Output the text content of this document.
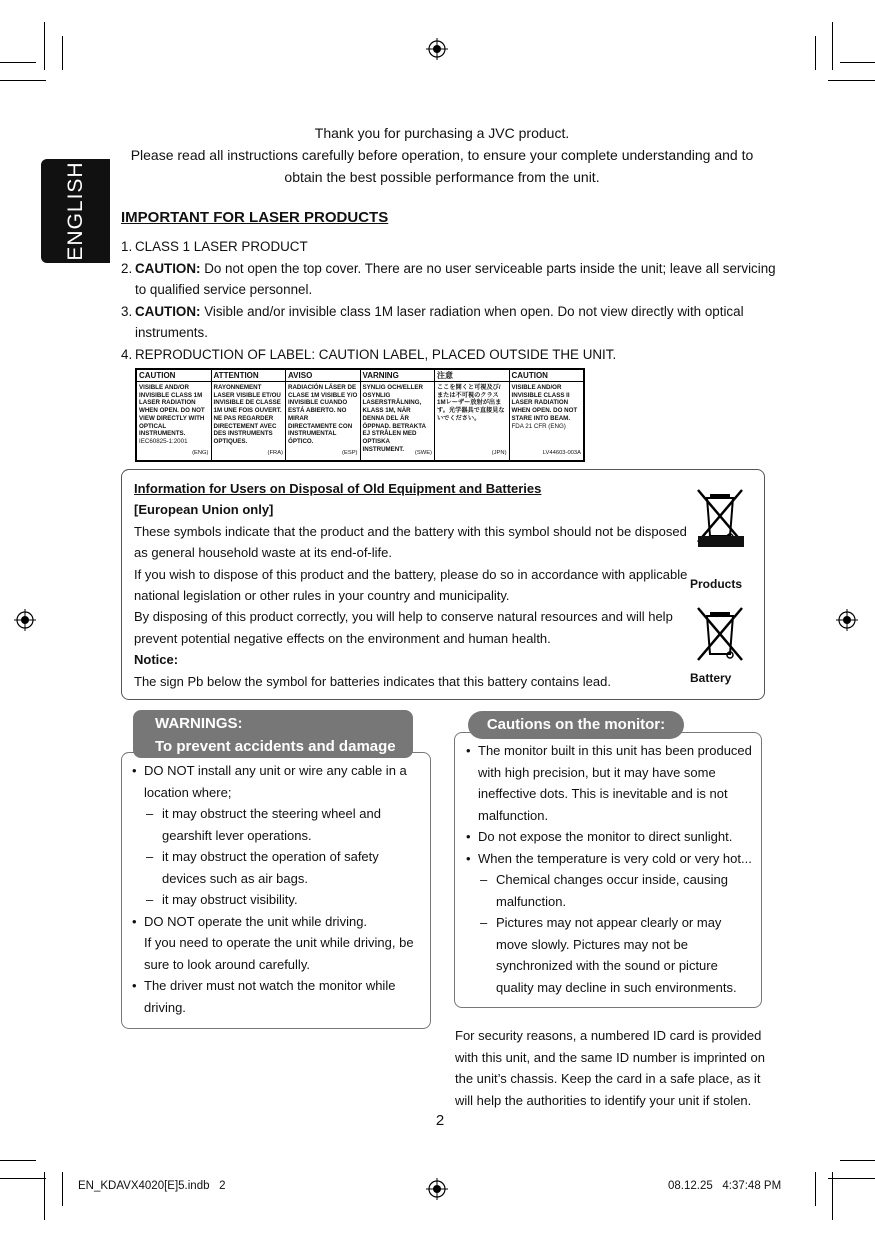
ENGLISH
Thank you for purchasing a JVC product.
Please read all instructions carefully before operation, to ensure your complete understanding and to obtain the best possible performance from the unit.
IMPORTANT FOR LASER PRODUCTS
1. CLASS 1 LASER PRODUCT
2. CAUTION: Do not open the top cover. There are no user serviceable parts inside the unit; leave all servicing to qualified service personnel.
3. CAUTION: Visible and/or invisible class 1M laser radiation when open. Do not view directly with optical instruments.
4. REPRODUCTION OF LABEL: CAUTION LABEL, PLACED OUTSIDE THE UNIT.
CAUTION
VISIBLE AND/OR INVISIBLE CLASS 1M LASER RADIATION WHEN OPEN. DO NOT VIEW DIRECTLY WITH OPTICAL INSTRUMENTS.
IEC60825-1:2001
(ENG)
ATTENTION
RAYONNEMENT LASER VISIBLE ET/OU INVISIBLE DE CLASSE 1M UNE FOIS OUVERT. NE PAS REGARDER DIRECTEMENT AVEC DES INSTRUMENTS OPTIQUES.
(FRA)
AVISO
RADIACIÓN LÁSER DE CLASE 1M VISIBLE Y/O INVISIBLE CUANDO ESTÁ ABIERTO. NO MIRAR DIRECTAMENTE CON INSTRUMENTAL ÓPTICO.
(ESP)
VARNING
SYNLIG OCH/ELLER OSYNLIG LASERSTRÅLNING, KLASS 1M, NÄR DENNA DEL ÄR ÖPPNAD. BETRAKTA EJ STRÅLEN MED OPTISKA INSTRUMENT.
(SWE)
注意
ここを開くと可視及び/または不可視のクラス1Mレーザー放射が出ます。光学器具で直接見ないでください。
(JPN)
CAUTION
VISIBLE AND/OR INVISIBLE CLASS II LASER RADIATION WHEN OPEN. DO NOT STARE INTO BEAM.
FDA 21 CFR (ENG)
LV44603-003A
Information for Users on Disposal of Old Equipment and Batteries
[European Union only]
These symbols indicate that the product and the battery with this symbol should not be disposed as general household waste at its end-of-life.
If you wish to dispose of this product and the battery, please do so in accordance with applicable national legislation or other rules in your country and municipality.
By disposing of this product correctly, you will help to conserve natural resources and will help prevent potential negative effects on the environment and human health.
Notice:
The sign Pb below the symbol for batteries indicates that this battery contains lead.
Products
Battery
WARNINGS:
To prevent accidents and damage
• DO NOT install any unit or wire any cable in a location where;
– it may obstruct the steering wheel and gearshift lever operations.
– it may obstruct the operation of safety devices such as air bags.
– it may obstruct visibility.
• DO NOT operate the unit while driving.
If you need to operate the unit while driving, be sure to look around carefully.
• The driver must not watch the monitor while driving.
Cautions on the monitor:
• The monitor built in this unit has been produced with high precision, but it may have some ineffective dots. This is inevitable and is not malfunction.
• Do not expose the monitor to direct sunlight.
• When the temperature is very cold or very hot...
– Chemical changes occur inside, causing malfunction.
– Pictures may not appear clearly or may move slowly. Pictures may not be synchronized with the sound or picture quality may decline in such environments.
For security reasons, a numbered ID card is provided with this unit, and the same ID number is imprinted on the unit’s chassis. Keep the card in a safe place, as it will help the authorities to identify your unit if stolen.
2
EN_KDAVX4020[E]5.indb   2	08.12.25   4:37:48 PM
